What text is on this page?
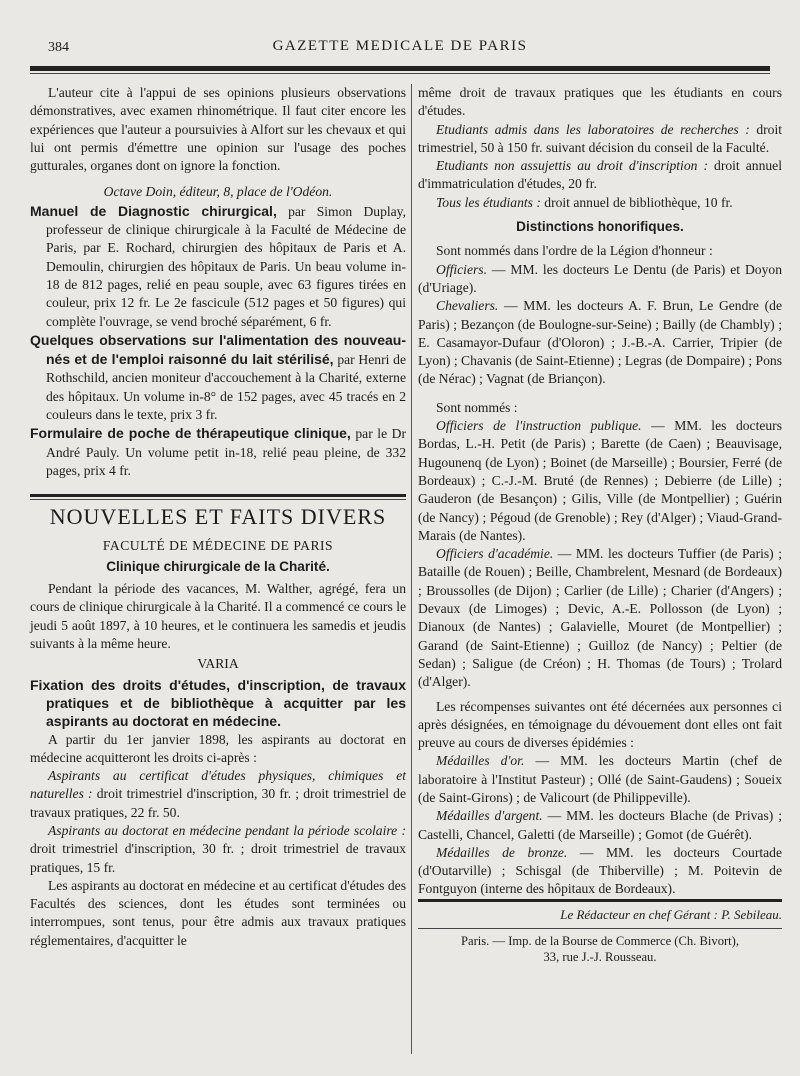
384	GAZETTE MEDICALE DE PARIS

L'auteur cite à l'appui de ses opinions plusieurs observations démonstratives, avec examen rhinométrique. Il faut citer encore les expériences que l'auteur a poursuivies à Alfort sur les chevaux et qui lui ont permis d'émettre une opinion sur l'usage des poches gutturales, organes dont on ignore la fonction.

Octave Doin, éditeur, 8, place de l'Odéon.

Manuel de Diagnostic chirurgical, par Simon Duplay, professeur de clinique chirurgicale à la Faculté de Médecine de Paris, par E. Rochard, chirurgien des hôpitaux de Paris et A. Demoulin, chirurgien des hôpitaux de Paris. Un beau volume in-18 de 812 pages, relié en peau souple, avec 63 figures tirées en couleur, prix 12 fr. Le 2e fascicule (512 pages et 50 figures) qui complète l'ouvrage, se vend broché séparément, 6 fr.

Quelques observations sur l'alimentation des nouveau-nés et de l'emploi raisonné du lait stérilisé, par Henri de Rothschild, ancien moniteur d'accouchement à la Charité, externe des hôpitaux. Un volume in-8° de 152 pages, avec 45 tracés en 2 couleurs dans le texte, prix 3 fr.

Formulaire de poche de thérapeutique clinique, par le Dr André Pauly. Un volume petit in-18, relié peau pleine, de 332 pages, prix 4 fr.

NOUVELLES ET FAITS DIVERS

FACULTÉ DE MÉDECINE DE PARIS

Clinique chirurgicale de la Charité.

Pendant la période des vacances, M. Walther, agrégé, fera un cours de clinique chirurgicale à la Charité. Il a commencé ce cours le jeudi 5 août 1897, à 10 heures, et le continuera les samedis et jeudis suivants à la même heure.

VARIA

Fixation des droits d'études, d'inscription, de travaux pratiques et de bibliothèque à acquitter par les aspirants au doctorat en médecine.

A partir du 1er janvier 1898, les aspirants au doctorat en médecine acquitteront les droits ci-après :

Aspirants au certificat d'études physiques, chimiques et naturelles : droit trimestriel d'inscription, 30 fr. ; droit trimestriel de travaux pratiques, 22 fr. 50.

Aspirants au doctorat en médecine pendant la période scolaire : droit trimestriel d'inscription, 30 fr. ; droit trimestriel de travaux pratiques, 15 fr.

Les aspirants au doctorat en médecine et au certificat d'études des Facultés des sciences, dont les études sont terminées ou interrompues, sont tenus, pour être admis aux travaux pratiques réglementaires, d'acquitter le

même droit de travaux pratiques que les étudiants en cours d'études.

Etudiants admis dans les laboratoires de recherches : droit trimestriel, 50 à 150 fr. suivant décision du conseil de la Faculté.

Etudiants non assujettis au droit d'inscription : droit annuel d'immatriculation d'études, 20 fr.

Tous les étudiants : droit annuel de bibliothèque, 10 fr.

Distinctions honorifiques.

Sont nommés dans l'ordre de la Légion d'honneur :

Officiers. — MM. les docteurs Le Dentu (de Paris) et Doyon (d'Uriage).

Chevaliers. — MM. les docteurs A. F. Brun, Le Gendre (de Paris) ; Bezançon (de Boulogne-sur-Seine) ; Bailly (de Chambly) ; E. Casamayor-Dufaur (d'Oloron) ; J.-B.-A. Carrier, Tripier (de Lyon) ; Chavanis (de Saint-Etienne) ; Legras (de Dompaire) ; Pons (de Nérac) ; Vagnat (de Briançon).

Sont nommés :

Officiers de l'instruction publique. — MM. les docteurs Bordas, L.-H. Petit (de Paris) ; Barette (de Caen) ; Beauvisage, Hugounenq (de Lyon) ; Boinet (de Marseille) ; Boursier, Ferré (de Bordeaux) ; C.-J.-M. Bruté (de Rennes) ; Debierre (de Lille) ; Gauderon (de Besançon) ; Gilis, Ville (de Montpellier) ; Guérin (de Nancy) ; Pégoud (de Grenoble) ; Rey (d'Alger) ; Viaud-Grand-Marais (de Nantes).

Officiers d'académie. — MM. les docteurs Tuffier (de Paris) ; Bataille (de Rouen) ; Beille, Chambrelent, Mesnard (de Bordeaux) ; Broussolles (de Dijon) ; Carlier (de Lille) ; Charier (d'Angers) ; Devaux (de Limoges) ; Devic, A.-E. Pollosson (de Lyon) ; Dianoux (de Nantes) ; Galavielle, Mouret (de Montpellier) ; Garand (de Saint-Etienne) ; Guilloz (de Nancy) ; Peltier (de Sedan) ; Saligue (de Créon) ; H. Thomas (de Tours) ; Trolard (d'Alger).

Les récompenses suivantes ont été décernées aux personnes ci après désignées, en témoignage du dévouement dont elles ont fait preuve au cours de diverses épidémies :

Médailles d'or. — MM. les docteurs Martin (chef de laboratoire à l'Institut Pasteur) ; Ollé (de Saint-Gaudens) ; Soueix (de Saint-Girons) ; de Valicourt (de Philippeville).

Médailles d'argent. — MM. les docteurs Blache (de Privas) ; Castelli, Chancel, Galetti (de Marseille) ; Gomot (de Guérêt).

Médailles de bronze. — MM. les docteurs Courtade (d'Outarville) ; Schisgal (de Thiberville) ; M. Poitevin de Fontguyon (interne des hôpitaux de Bordeaux).

Le Rédacteur en chef Gérant : P. Sebileau.

Paris. — Imp. de la Bourse de Commerce (Ch. Bivort),
33, rue J.-J. Rousseau.
